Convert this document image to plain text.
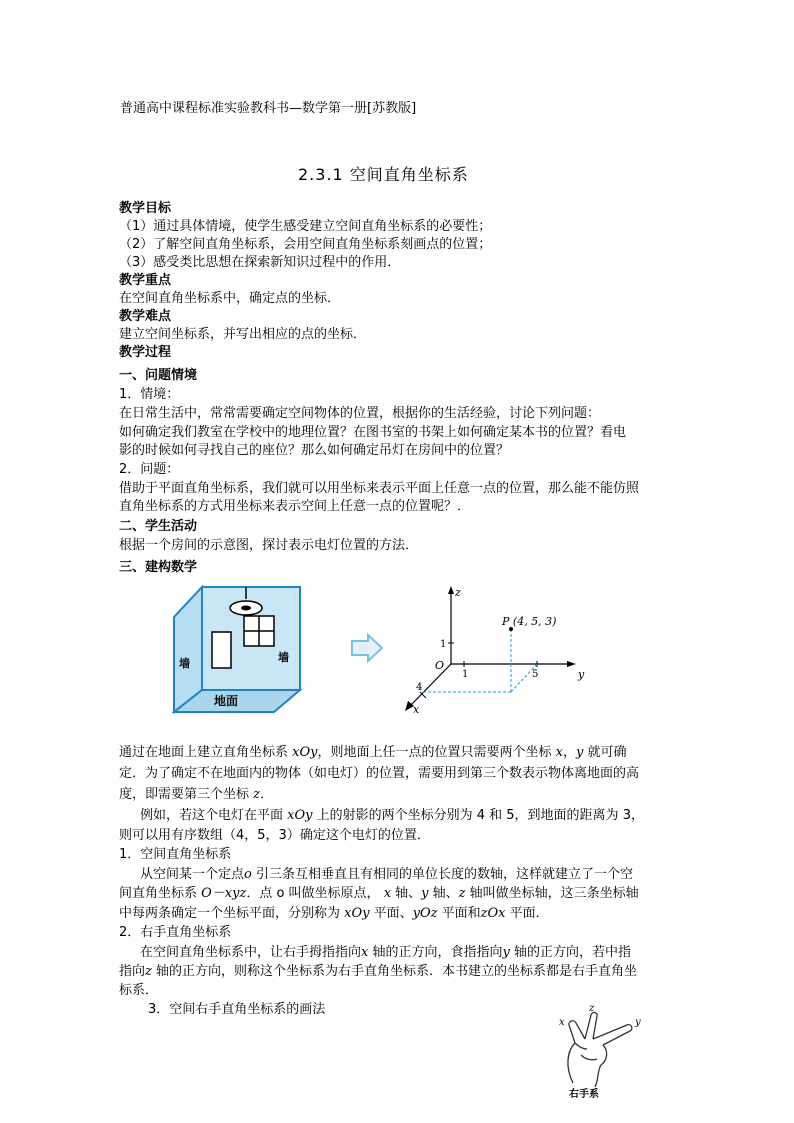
普通高中课程标准实验教科书—数学第一册[苏教版]
2.3.1 空间直角坐标系
教学目标
（1）通过具体情境，使学生感受建立空间直角坐标系的必要性；
（2）了解空间直角坐标系，会用空间直角坐标系刻画点的位置；
（3）感受类比思想在探索新知识过程中的作用．
教学重点
在空间直角坐标系中，确定点的坐标．
教学难点
建立空间坐标系，并写出相应的点的坐标．
教学过程
一、问题情境
1．情境：
在日常生活中，常常需要确定空间物体的位置，根据你的生活经验，讨论下列问题：
如何确定我们教室在学校中的地理位置？在图书室的书架上如何确定某本书的位置？看电
影的时候如何寻找自己的座位？那么如何确定吊灯在房间中的位置？
2．问题：
借助于平面直角坐标系，我们就可以用坐标来表示平面上任意一点的位置，那么能不能仿照
直角坐标系的方式用坐标来表示空间上任意一点的位置呢？．
二、学生活动
根据一个房间的示意图，探讨表示电灯位置的方法．
三、建构数学
墙	墙
地面
P (4, 5, 3)
z
y
x
O
1
1	5
4
通过在地面上建立直角坐标系 xOy，则地面上任一点的位置只需要两个坐标 x，y 就可确
定．为了确定不在地面内的物体（如电灯）的位置，需要用到第三个数表示物体离地面的高
度，即需要第三个坐标 z．
例如，若这个电灯在平面 xOy 上的射影的两个坐标分别为 4 和 5，到地面的距离为 3，
则可以用有序数组（4，5，3）确定这个电灯的位置．
1．空间直角坐标系
从空间某一个定点o 引三条互相垂直且有相同的单位长度的数轴，这样就建立了一个空
间直角坐标系 O－xyz．点 o 叫做坐标原点， x 轴、y 轴、z 轴叫做坐标轴，这三条坐标轴
中每两条确定一个坐标平面，分别称为 xOy 平面、yOz 平面和zOx 平面．
2．右手直角坐标系
在空间直角坐标系中，让右手拇指指向x 轴的正方向，食指指向y 轴的正方向，若中指
指向z 轴的正方向，则称这个坐标系为右手直角坐标系．本书建立的坐标系都是右手直角坐
标系．
3．空间右手直角坐标系的画法
x	y
z
右手系
